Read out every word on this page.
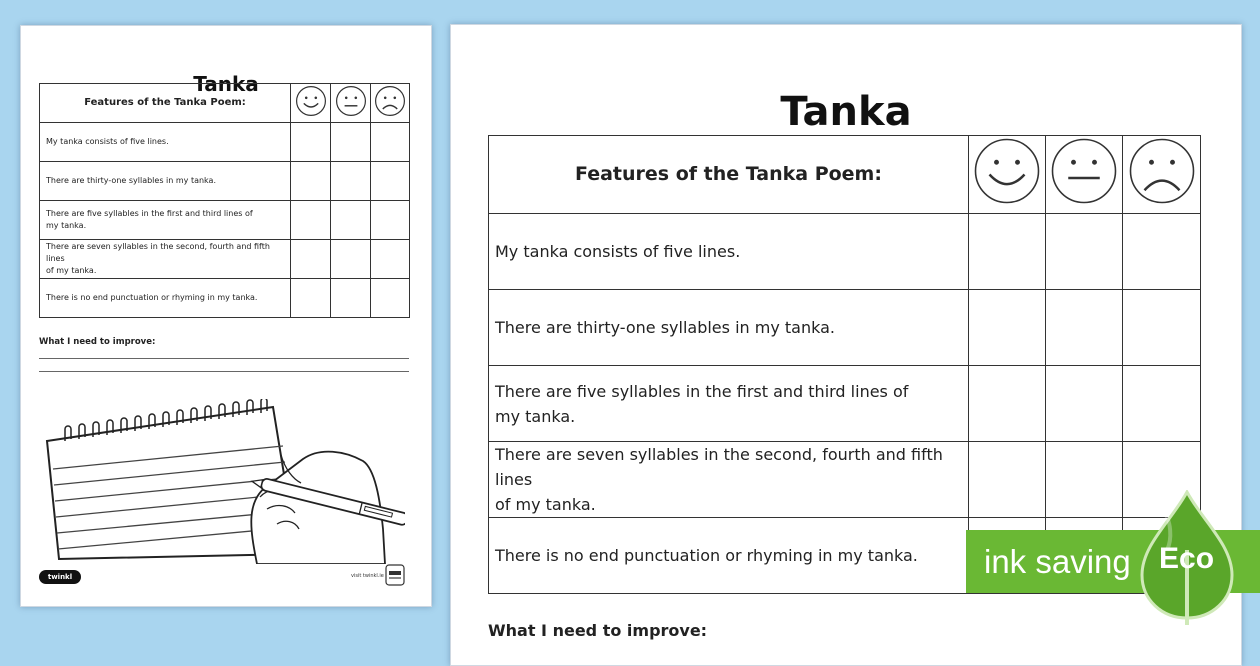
Tanka
Features of the Tanka Poem:			
My tanka consists of five lines.			
There are thirty-one syllables in my tanka.			
There are five syllables in the first and third lines of
my tanka.			
There are seven syllables in the second, fourth and fifth lines
of my tanka.			
There is no end punctuation or rhyming in my tanka.			
What I need to improve:
twinkl	visit twinkl.ie
Tanka
Features of the Tanka Poem:			
My tanka consists of five lines.			
There are thirty-one syllables in my tanka.			
There are five syllables in the first and third lines of
my tanka.			
There are seven syllables in the second, fourth and fifth lines
of my tanka.			
There is no end punctuation or rhyming in my tanka.			
What I need to improve:
ink saving Eco
